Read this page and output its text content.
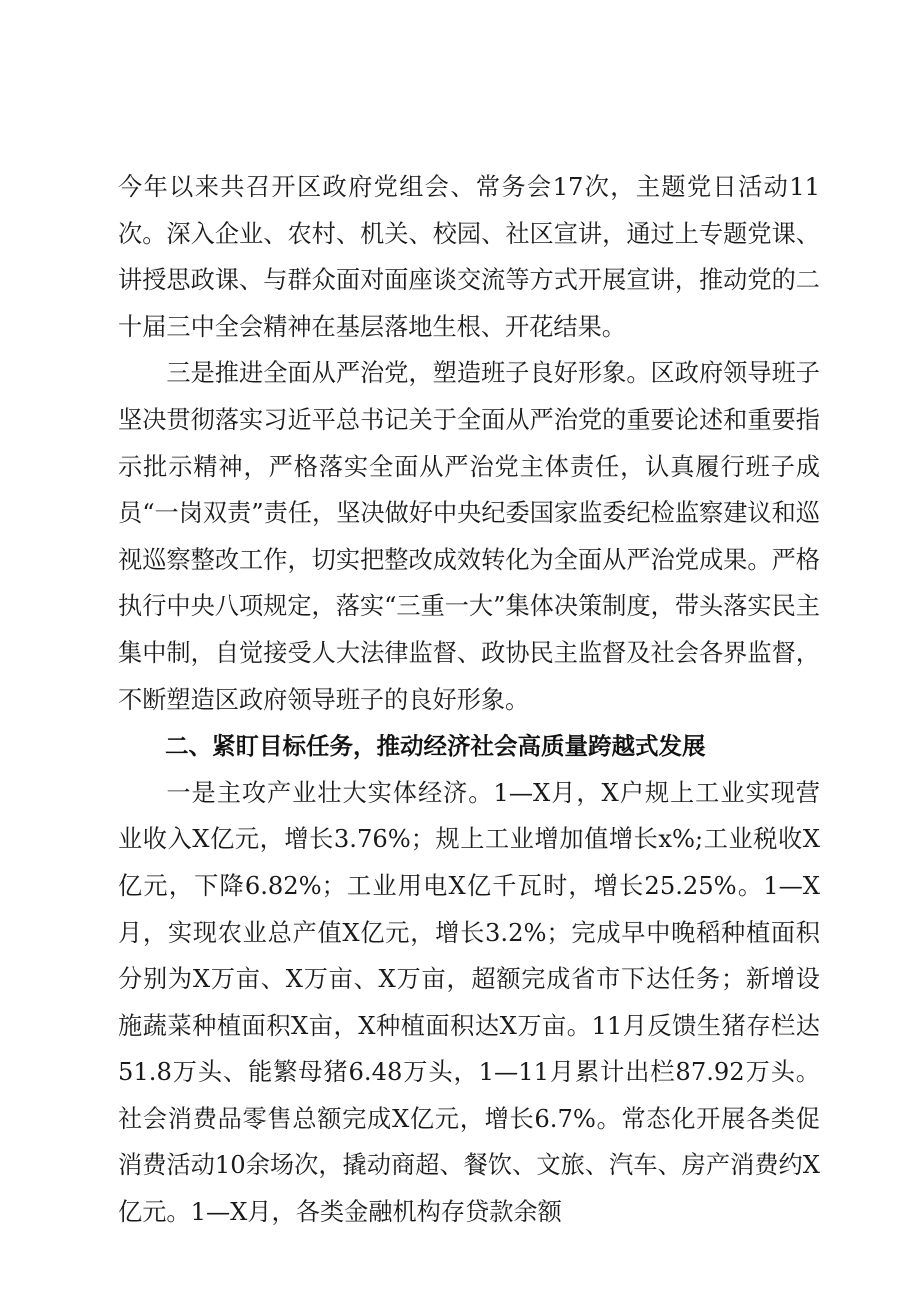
今年以来共召开区政府党组会、常务会17次，主题党日活动11次。深入企业、农村、机关、校园、社区宣讲，通过上专题党课、讲授思政课、与群众面对面座谈交流等方式开展宣讲，推动党的二十届三中全会精神在基层落地生根、开花结果。

三是推进全面从严治党，塑造班子良好形象。区政府领导班子坚决贯彻落实习近平总书记关于全面从严治党的重要论述和重要指示批示精神，严格落实全面从严治党主体责任，认真履行班子成员“一岗双责”责任，坚决做好中央纪委国家监委纪检监察建议和巡视巡察整改工作，切实把整改成效转化为全面从严治党成果。严格执行中央八项规定，落实“三重一大”集体决策制度，带头落实民主集中制，自觉接受人大法律监督、政协民主监督及社会各界监督，不断塑造区政府领导班子的良好形象。

二、紧盯目标任务，推动经济社会高质量跨越式发展

一是主攻产业壮大实体经济。1—X月，X户规上工业实现营业收入X亿元，增长3.76%；规上工业增加值增长x%;工业税收X亿元，下降6.82%；工业用电X亿千瓦时，增长25.25%。1—X月，实现农业总产值X亿元，增长3.2%；完成早中晚稻种植面积分别为X万亩、X万亩、X万亩，超额完成省市下达任务；新增设施蔬菜种植面积X亩，X种植面积达X万亩。11月反馈生猪存栏达51.8万头、能繁母猪6.48万头，1—11月累计出栏87.92万头。社会消费品零售总额完成X亿元，增长6.7%。常态化开展各类促消费活动10余场次，撬动商超、餐饮、文旅、汽车、房产消费约X亿元。1—X月，各类金融机构存贷款余额
